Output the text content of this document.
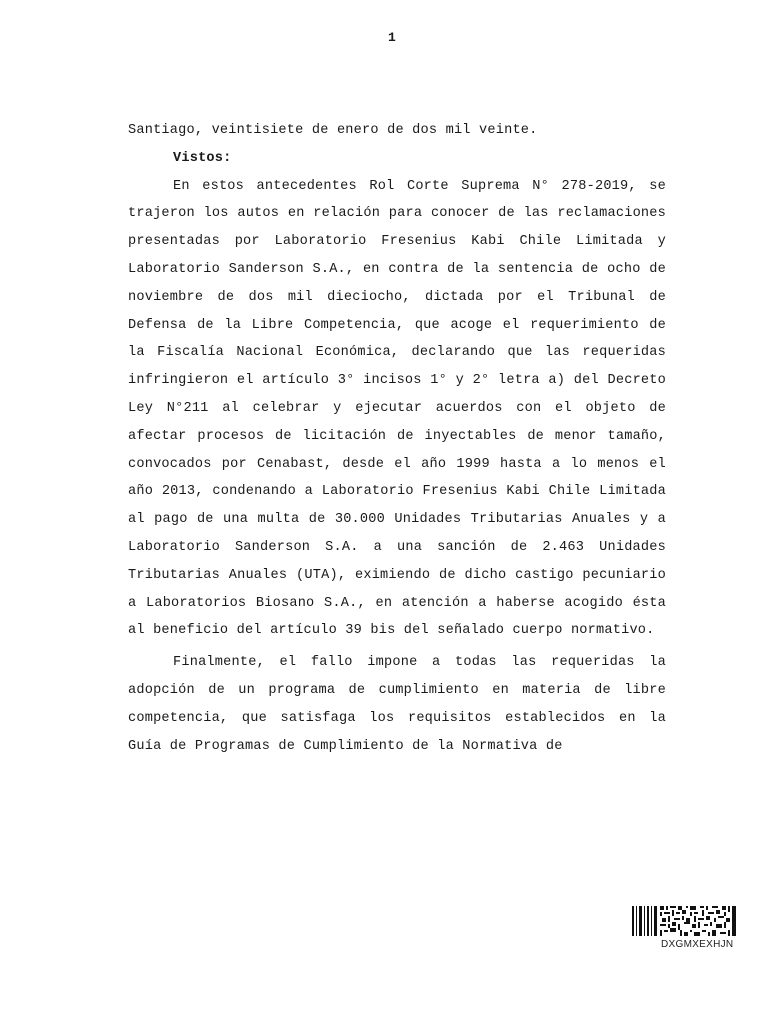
1

Santiago, veintisiete de enero de dos mil veinte.

Vistos:

En estos antecedentes Rol Corte Suprema N° 278-2019, se trajeron los autos en relación para conocer de las reclamaciones presentadas por Laboratorio Fresenius Kabi Chile Limitada y Laboratorio Sanderson S.A., en contra de la sentencia de ocho de noviembre de dos mil dieciocho, dictada por el Tribunal de Defensa de la Libre Competencia, que acoge el requerimiento de la Fiscalía Nacional Económica, declarando que las requeridas infringieron el artículo 3° incisos 1° y 2° letra a) del Decreto Ley N°211 al celebrar y ejecutar acuerdos con el objeto de afectar procesos de licitación de inyectables de menor tamaño, convocados por Cenabast, desde el año 1999 hasta a lo menos el año 2013, condenando a Laboratorio Fresenius Kabi Chile Limitada al pago de una multa de 30.000 Unidades Tributarias Anuales y a Laboratorio Sanderson S.A. a una sanción de 2.463 Unidades Tributarias Anuales (UTA), eximiendo de dicho castigo pecuniario a Laboratorios Biosano S.A., en atención a haberse acogido ésta al beneficio del artículo 39 bis del señalado cuerpo normativo.

Finalmente, el fallo impone a todas las requeridas la adopción de un programa de cumplimiento en materia de libre competencia, que satisfaga los requisitos establecidos en la Guía de Programas de Cumplimiento de la Normativa de

DXGMXEXHJN
